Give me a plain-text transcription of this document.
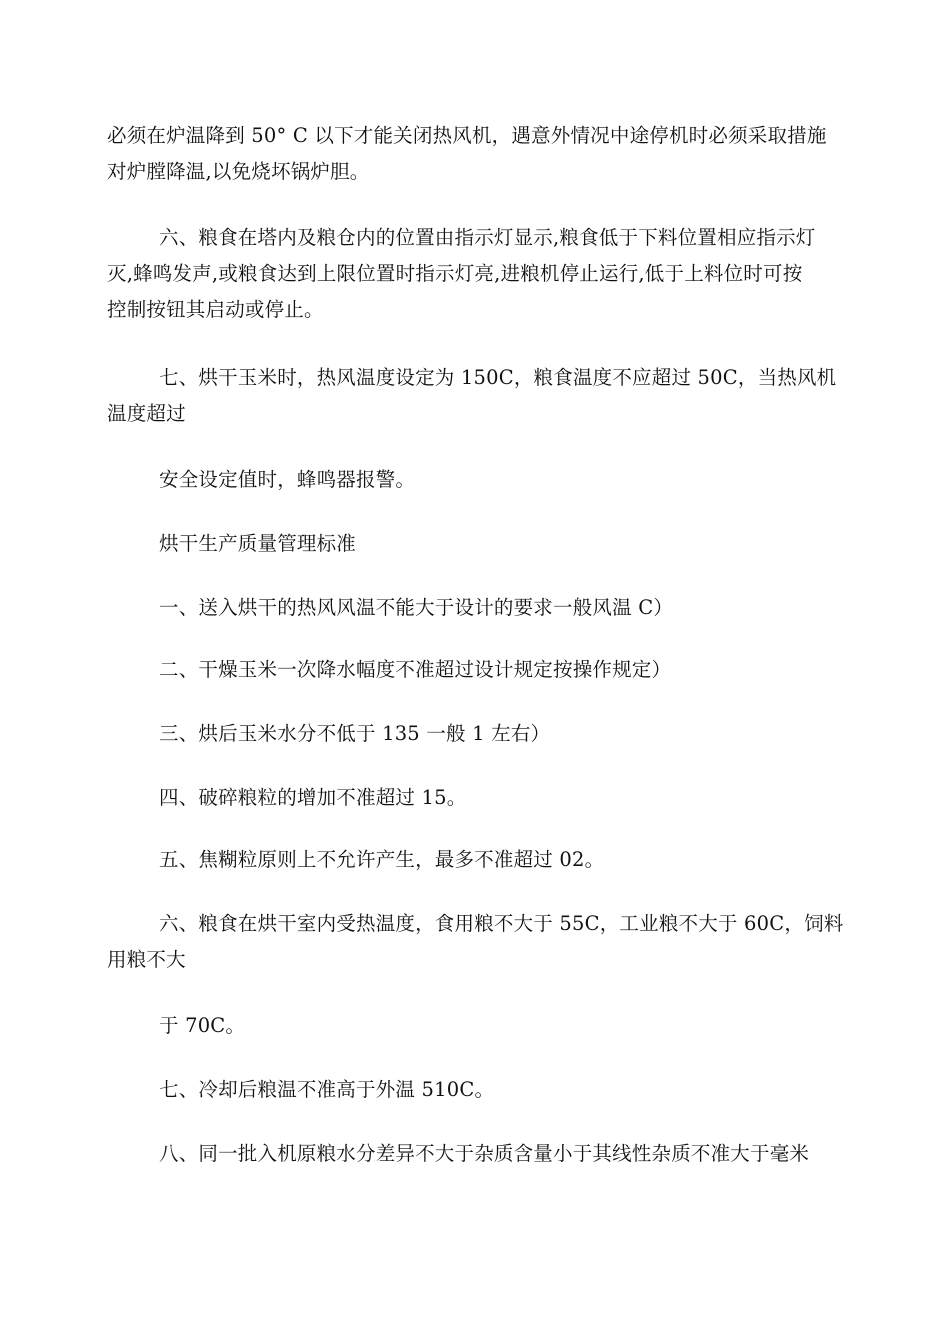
必须在炉温降到 50° C 以下才能关闭热风机，遇意外情况中途停机时必须采取措施
对炉膛降温,以免烧坏锅炉胆。

六、粮食在塔内及粮仓内的位置由指示灯显示,粮食低于下料位置相应指示灯
灭,蜂鸣发声,或粮食达到上限位置时指示灯亮,进粮机停止运行,低于上料位时可按
控制按钮其启动或停止。

七、烘干玉米时，热风温度设定为 150C，粮食温度不应超过 50C，当热风机
温度超过

安全设定值时，蜂鸣器报警。

烘干生产质量管理标准

一、送入烘干的热风风温不能大于设计的要求一般风温 C）

二、干燥玉米一次降水幅度不准超过设计规定按操作规定）

三、烘后玉米水分不低于 135 一般 1 左右）

四、破碎粮粒的增加不准超过 15。

五、焦糊粒原则上不允许产生，最多不准超过 02。

六、粮食在烘干室内受热温度，食用粮不大于 55C，工业粮不大于 60C，饲料
用粮不大

于 70C。

七、冷却后粮温不准高于外温 510C。

八、同一批入机原粮水分差异不大于杂质含量小于其线性杂质不准大于毫米
